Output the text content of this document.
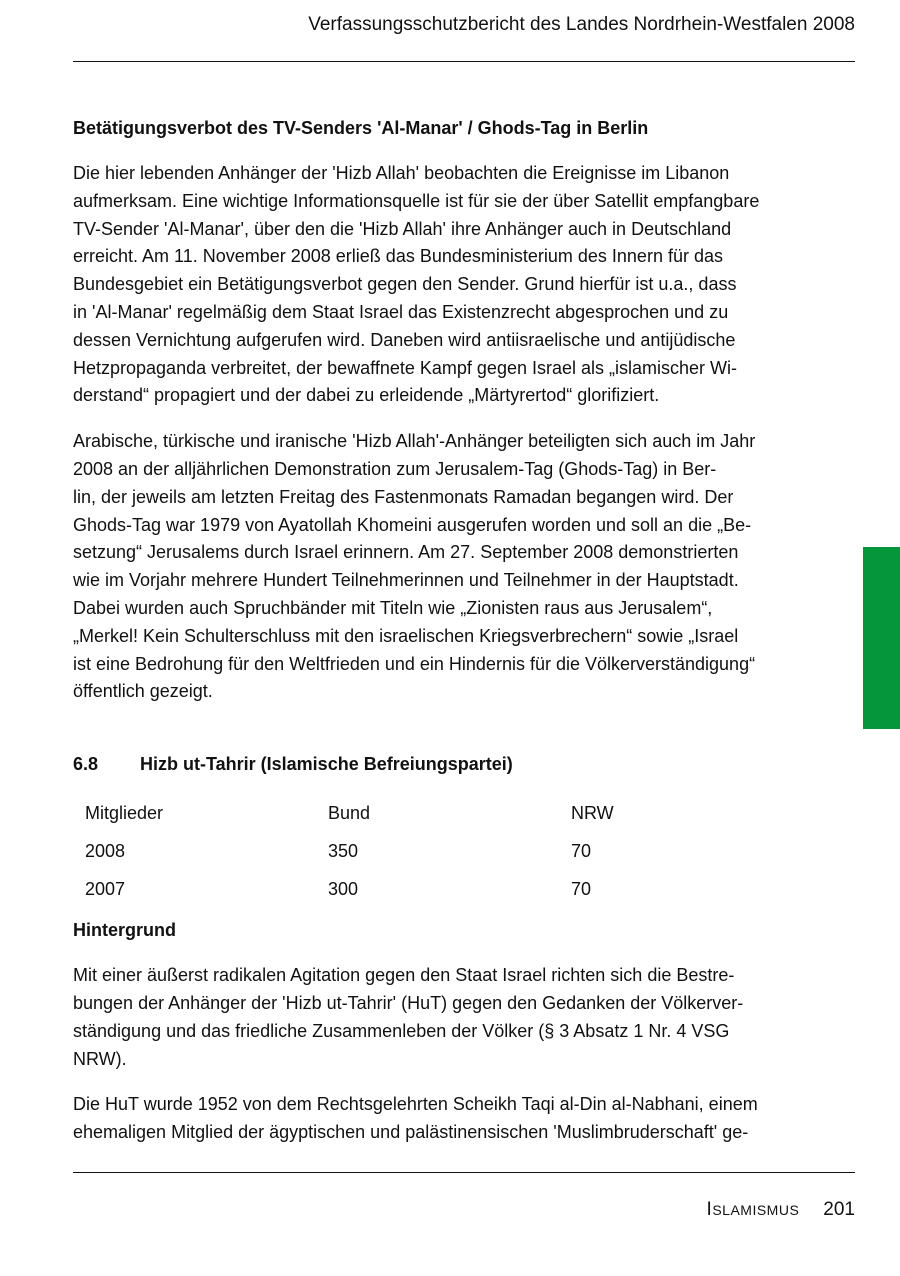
Verfassungsschutzbericht des Landes Nordrhein-Westfalen 2008
Betätigungsverbot des TV-Senders 'Al-Manar' / Ghods-Tag in Berlin

Die hier lebenden Anhänger der 'Hizb Allah' beobachten die Ereignisse im Libanon
aufmerksam. Eine wichtige Informationsquelle ist für sie der über Satellit empfangbare
TV-Sender 'Al-Manar', über den die 'Hizb Allah' ihre Anhänger auch in Deutschland
erreicht. Am 11. November 2008 erließ das Bundesministerium des Innern für das
Bundesgebiet ein Betätigungsverbot gegen den Sender. Grund hierfür ist u.a., dass
in 'Al-Manar' regelmäßig dem Staat Israel das Existenzrecht abgesprochen und zu
dessen Vernichtung aufgerufen wird. Daneben wird antiisraelische und antijüdische
Hetzpropaganda verbreitet, der bewaffnete Kampf gegen Israel als „islamischer Wi-
derstand“ propagiert und der dabei zu erleidende „Märtyrertod“ glorifiziert.

Arabische, türkische und iranische 'Hizb Allah'-Anhänger beteiligten sich auch im Jahr
2008 an der alljährlichen Demonstration zum Jerusalem-Tag (Ghods-Tag) in Ber-
lin, der jeweils am letzten Freitag des Fastenmonats Ramadan begangen wird. Der
Ghods-Tag war 1979 von Ayatollah Khomeini ausgerufen worden und soll an die „Be-
setzung“ Jerusalems durch Israel erinnern. Am 27. September 2008 demonstrierten
wie im Vorjahr mehrere Hundert Teilnehmerinnen und Teilnehmer in der Hauptstadt.
Dabei wurden auch Spruchbänder mit Titeln wie „Zionisten raus aus Jerusalem“,
„Merkel! Kein Schulterschluss mit den israelischen Kriegsverbrechern“ sowie „Israel
ist eine Bedrohung für den Weltfrieden und ein Hindernis für die Völkerverständigung“
öffentlich gezeigt.

6.8 Hizb ut-Tahrir (Islamische Befreiungspartei)
Mitglieder	Bund	NRW
2008	350	70
2007	300	70
Hintergrund

Mit einer äußerst radikalen Agitation gegen den Staat Israel richten sich die Bestre-
bungen der Anhänger der 'Hizb ut-Tahrir' (HuT) gegen den Gedanken der Völkerver-
ständigung und das friedliche Zusammenleben der Völker (§ 3 Absatz 1 Nr. 4 VSG
NRW).

Die HuT wurde 1952 von dem Rechtsgelehrten Scheikh Taqi al-Din al-Nabhani, einem
ehemaligen Mitglied der ägyptischen und palästinensischen 'Muslimbruderschaft' ge-

ISLAMISMUS 201
